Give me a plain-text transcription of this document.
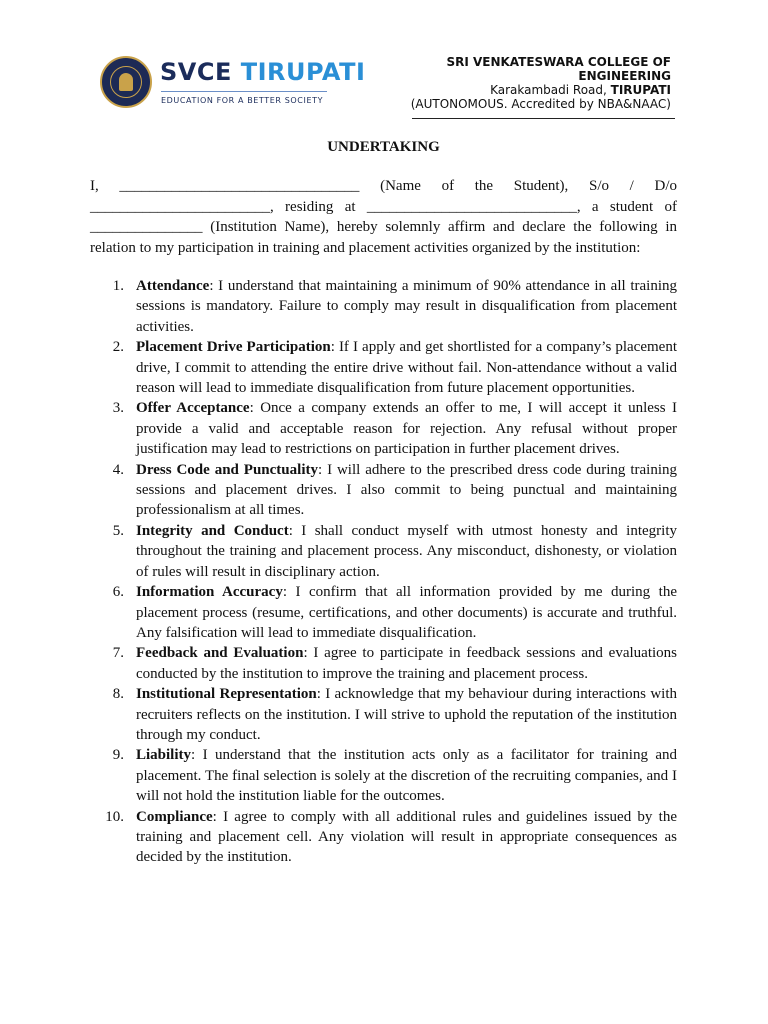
SVCE TIRUPATI
EDUCATION FOR A BETTER SOCIETY
SRI VENKATESWARA COLLEGE OF ENGINEERING
Karakambadi Road, TIRUPATI
(AUTONOMOUS. Accredited by NBA&NAAC)
UNDERTAKING
I, ________________________________ (Name of the Student), S/o / D/o ________________________, residing at ____________________________, a student of _______________ (Institution Name), hereby solemnly affirm and declare the following in relation to my participation in training and placement activities organized by the institution:
1. Attendance: I understand that maintaining a minimum of 90% attendance in all training sessions is mandatory. Failure to comply may result in disqualification from placement activities.
2. Placement Drive Participation: If I apply and get shortlisted for a company’s placement drive, I commit to attending the entire drive without fail. Non-attendance without a valid reason will lead to immediate disqualification from future placement opportunities.
3. Offer Acceptance: Once a company extends an offer to me, I will accept it unless I provide a valid and acceptable reason for rejection. Any refusal without proper justification may lead to restrictions on participation in further placement drives.
4. Dress Code and Punctuality: I will adhere to the prescribed dress code during training sessions and placement drives. I also commit to being punctual and maintaining professionalism at all times.
5. Integrity and Conduct: I shall conduct myself with utmost honesty and integrity throughout the training and placement process. Any misconduct, dishonesty, or violation of rules will result in disciplinary action.
6. Information Accuracy: I confirm that all information provided by me during the placement process (resume, certifications, and other documents) is accurate and truthful. Any falsification will lead to immediate disqualification.
7. Feedback and Evaluation: I agree to participate in feedback sessions and evaluations conducted by the institution to improve the training and placement process.
8. Institutional Representation: I acknowledge that my behaviour during interactions with recruiters reflects on the institution. I will strive to uphold the reputation of the institution through my conduct.
9. Liability: I understand that the institution acts only as a facilitator for training and placement. The final selection is solely at the discretion of the recruiting companies, and I will not hold the institution liable for the outcomes.
10. Compliance: I agree to comply with all additional rules and guidelines issued by the training and placement cell. Any violation will result in appropriate consequences as decided by the institution.
